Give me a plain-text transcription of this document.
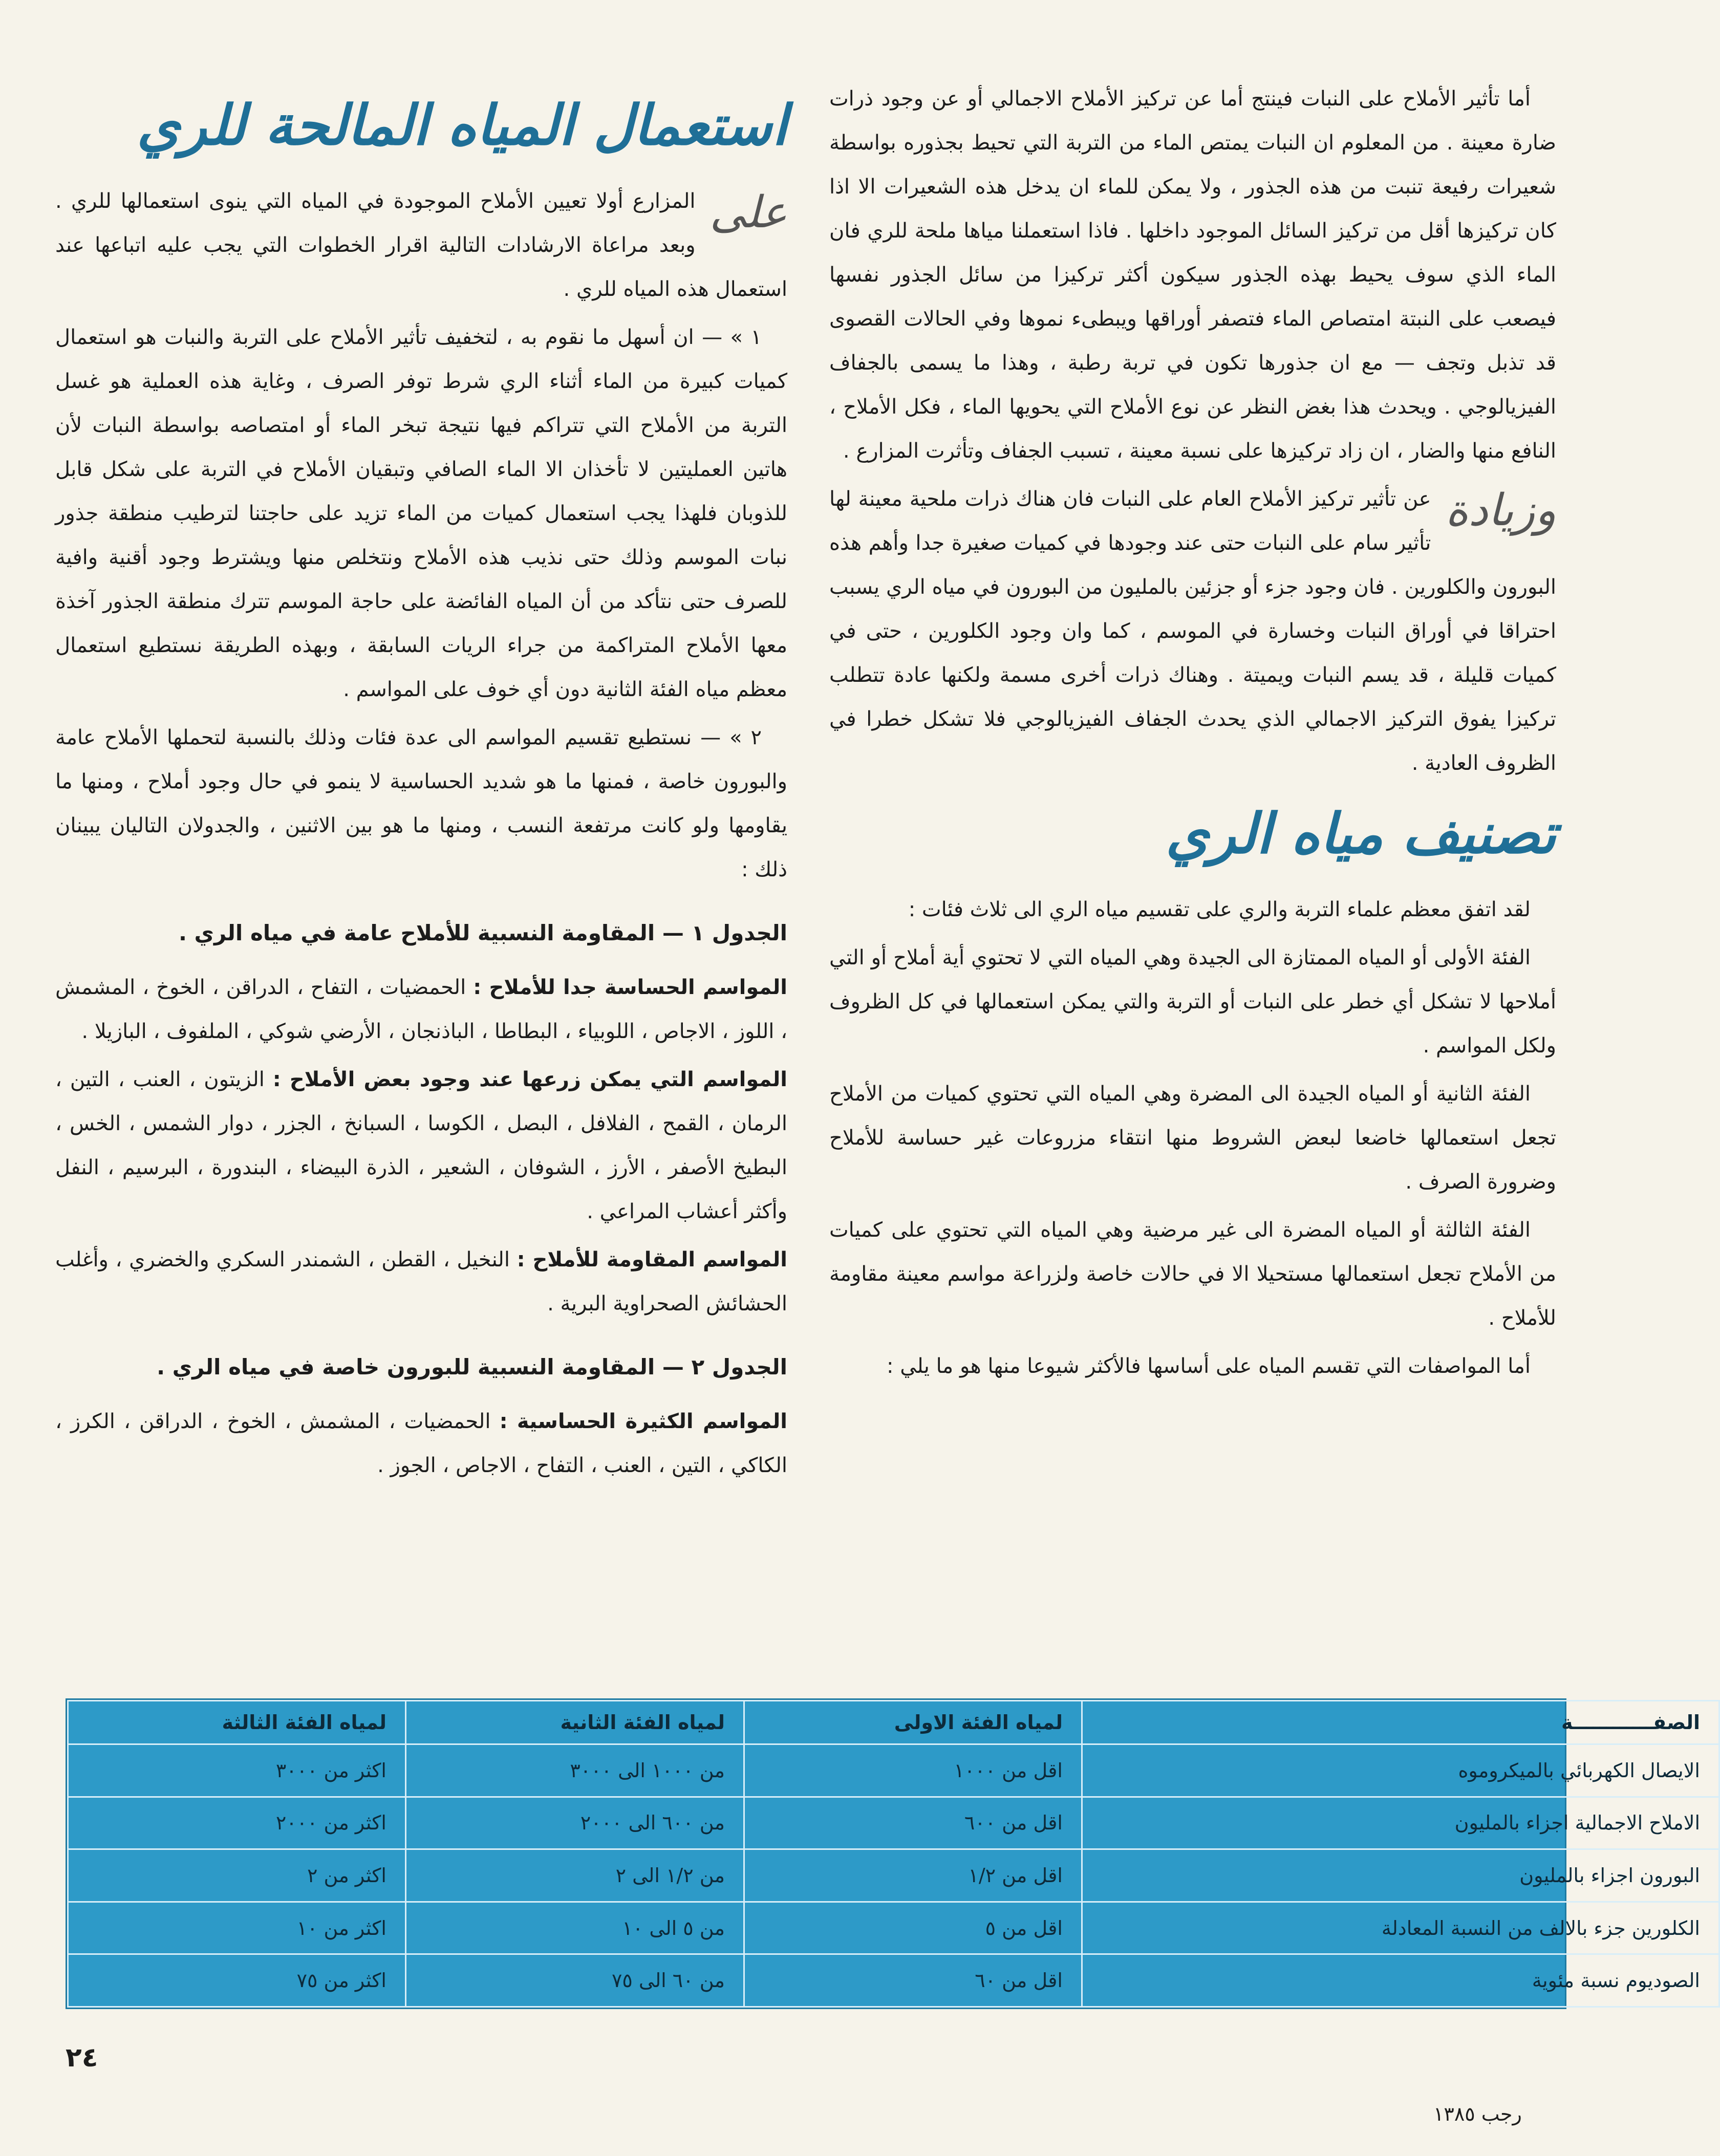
أما تأثير الأملاح على النبات فينتج أما عن تركيز الأملاح الاجمالي أو عن وجود ذرات ضارة معينة . من المعلوم ان النبات يمتص الماء من التربة التي تحيط بجذوره بواسطة شعيرات رفيعة تنبت من هذه الجذور ، ولا يمكن للماء ان يدخل هذه الشعيرات الا اذا كان تركيزها أقل من تركيز السائل الموجود داخلها . فاذا استعملنا مياها ملحة للري فان الماء الذي سوف يحيط بهذه الجذور سيكون أكثر تركيزا من سائل الجذور نفسها فيصعب على النبتة امتصاص الماء فتصفر أوراقها ويبطىء نموها وفي الحالات القصوى قد تذبل وتجف — مع ان جذورها تكون في تربة رطبة ، وهذا ما يسمى بالجفاف الفيزيالوجي . ويحدث هذا بغض النظر عن نوع الأملاح التي يحويها الماء ، فكل الأملاح ، النافع منها والضار ، ان زاد تركيزها على نسبة معينة ، تسبب الجفاف وتأثرت المزارع .

وزيادة
عن تأثير تركيز الأملاح العام على النبات فان هناك ذرات ملحية معينة لها تأثير سام على النبات حتى عند وجودها في كميات صغيرة جدا وأهم هذه البورون والكلورين . فان وجود جزء أو جزئين بالمليون من البورون في مياه الري يسبب احتراقا في أوراق النبات وخسارة في الموسم ، كما وان وجود الكلورين ، حتى في كميات قليلة ، قد يسم النبات ويميتة . وهناك ذرات أخرى مسمة ولكنها عادة تتطلب تركيزا يفوق التركيز الاجمالي الذي يحدث الجفاف الفيزيالوجي فلا تشكل خطرا في الظروف العادية .

تصنيف مياه الري

لقد اتفق معظم علماء التربة والري على تقسيم مياه الري الى ثلاث فئات :

الفئة الأولى أو المياه الممتازة الى الجيدة وهي المياه التي لا تحتوي أية أملاح أو التي أملاحها لا تشكل أي خطر على النبات أو التربة والتي يمكن استعمالها في كل الظروف ولكل المواسم .

الفئة الثانية أو المياه الجيدة الى المضرة وهي المياه التي تحتوي كميات من الأملاح تجعل استعمالها خاضعا لبعض الشروط منها انتقاء مزروعات غير حساسة للأملاح وضرورة الصرف .

الفئة الثالثة أو المياه المضرة الى غير مرضية وهي المياه التي تحتوي على كميات من الأملاح تجعل استعمالها مستحيلا الا في حالات خاصة ولزراعة مواسم معينة مقاومة للأملاح .

أما المواصفات التي تقسم المياه على أساسها فالأكثر شيوعا منها هو ما يلي :

استعمال المياه المالحة للري

على
المزارع أولا تعيين الأملاح الموجودة في المياه التي ينوى استعمالها للري . وبعد مراعاة الارشادات التالية اقرار الخطوات التي يجب عليه اتباعها عند استعمال هذه المياه للري .

١ » — ان أسهل ما نقوم به ، لتخفيف تأثير الأملاح على التربة والنبات هو استعمال كميات كبيرة من الماء أثناء الري شرط توفر الصرف ، وغاية هذه العملية هو غسل التربة من الأملاح التي تتراكم فيها نتيجة تبخر الماء أو امتصاصه بواسطة النبات لأن هاتين العمليتين لا تأخذان الا الماء الصافي وتبقيان الأملاح في التربة على شكل قابل للذوبان فلهذا يجب استعمال كميات من الماء تزيد على حاجتنا لترطيب منطقة جذور نبات الموسم وذلك حتى نذيب هذه الأملاح ونتخلص منها ويشترط وجود أقنية وافية للصرف حتى نتأكد من أن المياه الفائضة على حاجة الموسم تترك منطقة الجذور آخذة معها الأملاح المتراكمة من جراء الريات السابقة ، وبهذه الطريقة نستطيع استعمال معظم مياه الفئة الثانية دون أي خوف على المواسم .

٢ » — نستطيع تقسيم المواسم الى عدة فئات وذلك بالنسبة لتحملها الأملاح عامة والبورون خاصة ، فمنها ما هو شديد الحساسية لا ينمو في حال وجود أملاح ، ومنها ما يقاومها ولو كانت مرتفعة النسب ، ومنها ما هو بين الاثنين ، والجدولان التاليان يبينان ذلك :

الجدول ١ — المقاومة النسبية للأملاح عامة في مياه الري .

المواسم الحساسة جدا للأملاح : الحمضيات ، التفاح ، الدراقن ، الخوخ ، المشمش ، اللوز ، الاجاص ، اللوبياء ، البطاطا ، الباذنجان ، الأرضي شوكي ، الملفوف ، البازيلا .

المواسم التي يمكن زرعها عند وجود بعض الأملاح : الزيتون ، العنب ، التين ، الرمان ، القمح ، الفلافل ، البصل ، الكوسا ، السبانخ ، الجزر ، دوار الشمس ، الخس ، البطيخ الأصفر ، الأرز ، الشوفان ، الشعير ، الذرة البيضاء ، البندورة ، البرسيم ، النفل وأكثر أعشاب المراعي .

المواسم المقاومة للأملاح : النخيل ، القطن ، الشمندر السكري والخضري ، وأغلب الحشائش الصحراوية البرية .

الجدول ٢ — المقاومة النسبية للبورون خاصة في مياه الري .

المواسم الكثيرة الحساسية : الحمضيات ، المشمش ، الخوخ ، الدراقن ، الكرز ، الكاكي ، التين ، العنب ، التفاح ، الاجاص ، الجوز .

الصفــــــــــــة	لمياه الفئة الاولى	لمياه الفئة الثانية	لمياه الفئة الثالثة
الايصال الكهربائي بالميكروموه	اقل من ١٠٠٠	من ١٠٠٠ الى ٣٠٠٠	اكثر من ٣٠٠٠
الاملاح الاجمالية اجزاء بالمليون	اقل من ٦٠٠	من ٦٠٠ الى ٢٠٠٠	اكثر من ٢٠٠٠
البورون اجزاء بالمليون	اقل من ١/٢	من ١/٢ الى ٢	اكثر من ٢
الكلورين جزء بالالف من النسبة المعادلة	اقل من ٥	من ٥ الى ١٠	اكثر من ١٠
الصوديوم نسبة مئوية	اقل من ٦٠	من ٦٠ الى ٧٥	اكثر من ٧٥
٢٤
رجب ١٣٨٥
